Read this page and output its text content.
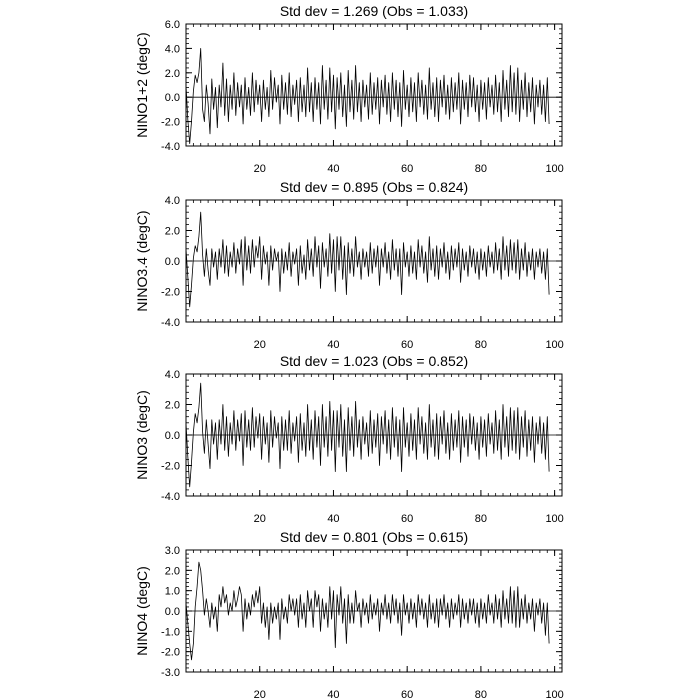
Std dev = 1.269 (Obs = 1.033)
NINO1+2 (degC)
-4.0
-2.0
0.0
2.0
4.0
6.0
20	40	60	80	100
Std dev = 0.895 (Obs = 0.824)
NINO3.4 (degC)
-4.0
-2.0
0.0
2.0
4.0
20	40	60	80	100
Std dev = 1.023 (Obs = 0.852)
NINO3 (degC)
-4.0
-2.0
0.0
2.0
4.0
20	40	60	80	100
Std dev = 0.801 (Obs = 0.615)
NINO4 (degC)
-3.0
-2.0
-1.0
0.0
1.0
2.0
3.0
20	40	60	80	100
